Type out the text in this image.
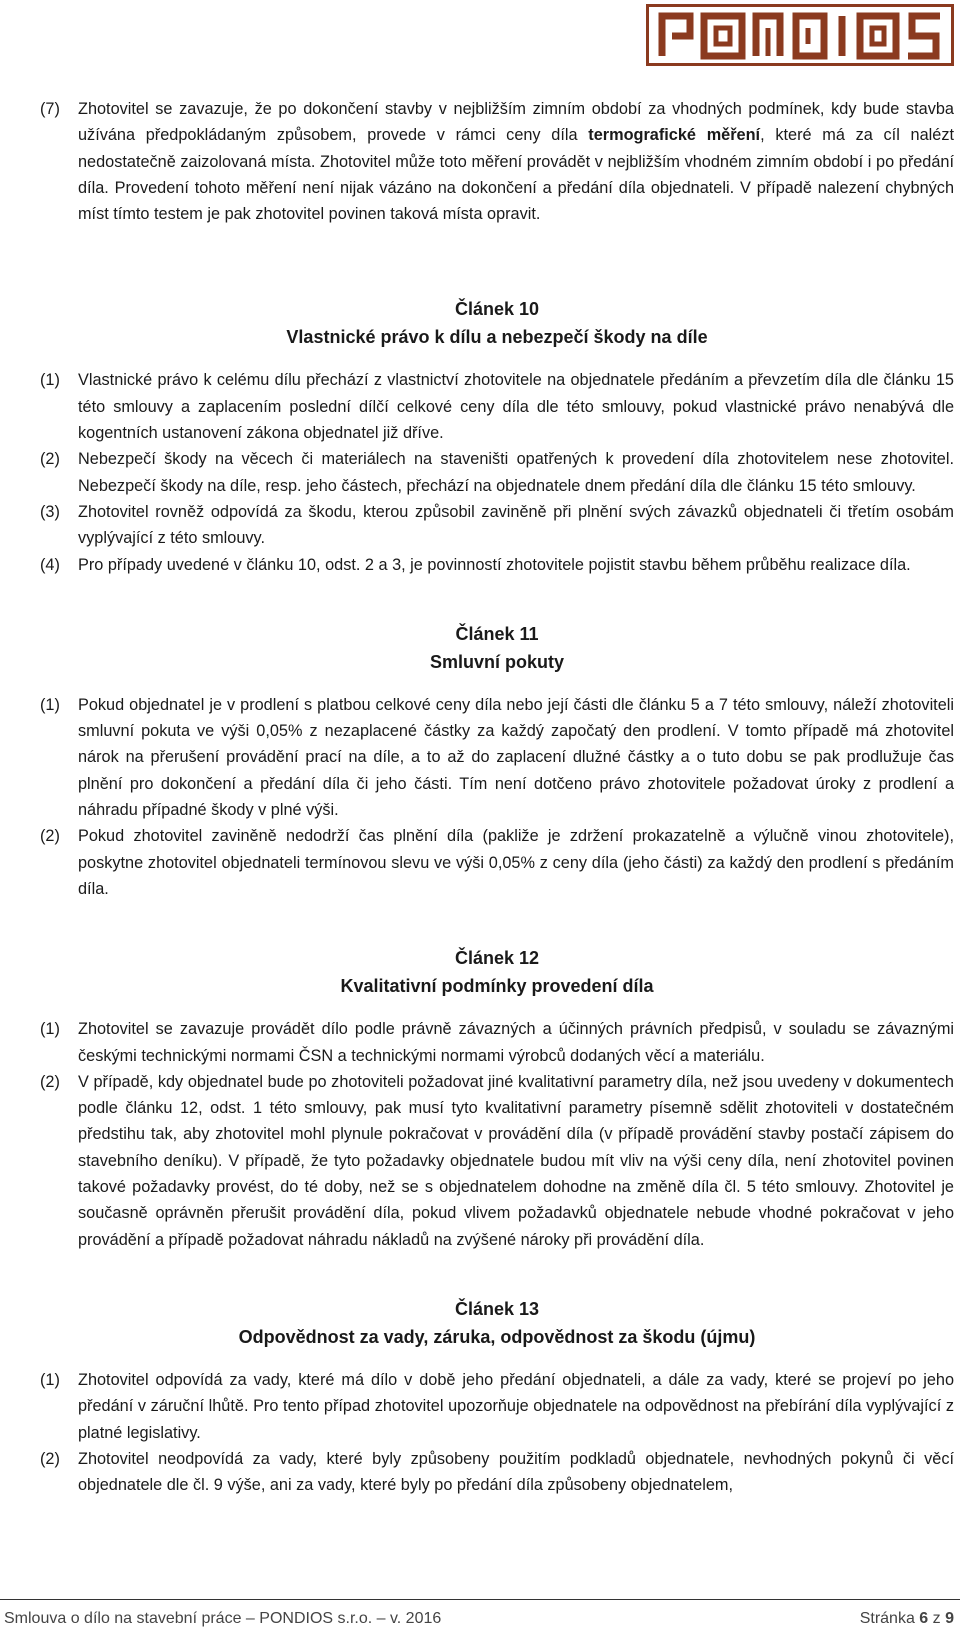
(7)	Zhotovitel se zavazuje, že po dokončení stavby v nejbližším zimním období za vhodných podmínek, kdy bude stavba užívána předpokládaným způsobem, provede v rámci ceny díla termografické měření, které má za cíl nalézt nedostatečně zaizolovaná místa. Zhotovitel může toto měření provádět v nejbližším vhodném zimním období i po předání díla. Provedení tohoto měření není nijak vázáno na dokončení a předání díla objednateli. V případě nalezení chybných míst tímto testem je pak zhotovitel povinen taková místa opravit.

Článek 10

Vlastnické právo k dílu a nebezpečí škody na díle

(1)	Vlastnické právo k celému dílu přechází z vlastnictví zhotovitele na objednatele předáním a převzetím díla dle článku 15 této smlouvy a zaplacením poslední dílčí celkové ceny díla dle této smlouvy, pokud vlastnické právo nenabývá dle kogentních ustanovení zákona objednatel již dříve.
(2)	Nebezpečí škody na věcech či materiálech na staveništi opatřených k provedení díla zhotovitelem nese zhotovitel. Nebezpečí škody na díle, resp. jeho částech, přechází na objednatele dnem předání díla dle článku 15 této smlouvy.
(3)	Zhotovitel rovněž odpovídá za škodu, kterou způsobil zaviněně při plnění svých závazků objednateli či třetím osobám vyplývající z této smlouvy.
(4)	Pro případy uvedené v článku 10, odst. 2 a 3, je povinností zhotovitele pojistit stavbu během průběhu realizace díla.

Článek 11

Smluvní pokuty

(1)	Pokud objednatel je v prodlení s platbou celkové ceny díla nebo její části dle článku 5 a 7 této smlouvy, náleží zhotoviteli smluvní pokuta ve výši 0,05% z nezaplacené částky za každý započatý den prodlení. V tomto případě má zhotovitel nárok na přerušení provádění prací na díle, a to až do zaplacení dlužné částky a o tuto dobu se pak prodlužuje čas plnění pro dokončení a předání díla či jeho části. Tím není dotčeno právo zhotovitele požadovat úroky z prodlení a náhradu případné škody v plné výši.
(2)	Pokud zhotovitel zaviněně nedodrží čas plnění díla (pakliže je zdržení prokazatelně a výlučně vinou zhotovitele), poskytne zhotovitel objednateli termínovou slevu ve výši 0,05% z ceny díla (jeho části) za každý den prodlení s předáním díla.

Článek 12

Kvalitativní podmínky provedení díla

(1)	Zhotovitel se zavazuje provádět dílo podle právně závazných a účinných právních předpisů, v souladu se závaznými českými technickými normami ČSN a technickými normami výrobců dodaných věcí a materiálu.
(2)	V případě, kdy objednatel bude po zhotoviteli požadovat jiné kvalitativní parametry díla, než jsou uvedeny v dokumentech podle článku 12, odst. 1 této smlouvy, pak musí tyto kvalitativní parametry písemně sdělit zhotoviteli v dostatečném předstihu tak, aby zhotovitel mohl plynule pokračovat v provádění díla (v případě provádění stavby postačí zápisem do stavebního deníku). V případě, že tyto požadavky objednatele budou mít vliv na výši ceny díla, není zhotovitel povinen takové požadavky provést, do té doby, než se s objednatelem dohodne na změně díla čl. 5 této smlouvy. Zhotovitel je současně oprávněn přerušit provádění díla, pokud vlivem požadavků objednatele nebude vhodné pokračovat v jeho provádění a případě požadovat náhradu nákladů na zvýšené nároky při provádění díla.

Článek 13

Odpovědnost za vady, záruka, odpovědnost za škodu (újmu)

(1)	Zhotovitel odpovídá za vady, které má dílo v době jeho předání objednateli, a dále za vady, které se projeví po jeho předání v záruční lhůtě. Pro tento případ zhotovitel upozorňuje objednatele na odpovědnost na přebírání díla vyplývající z platné legislativy.
(2)	Zhotovitel neodpovídá za vady, které byly způsobeny použitím podkladů objednatele, nevhodných pokynů či věcí objednatele dle čl. 9 výše, ani za vady, které byly po předání díla způsobeny objednatelem,
Smlouva o dílo na stavební práce – PONDIOS s.r.o. – v. 2016	Stránka 6 z 9
